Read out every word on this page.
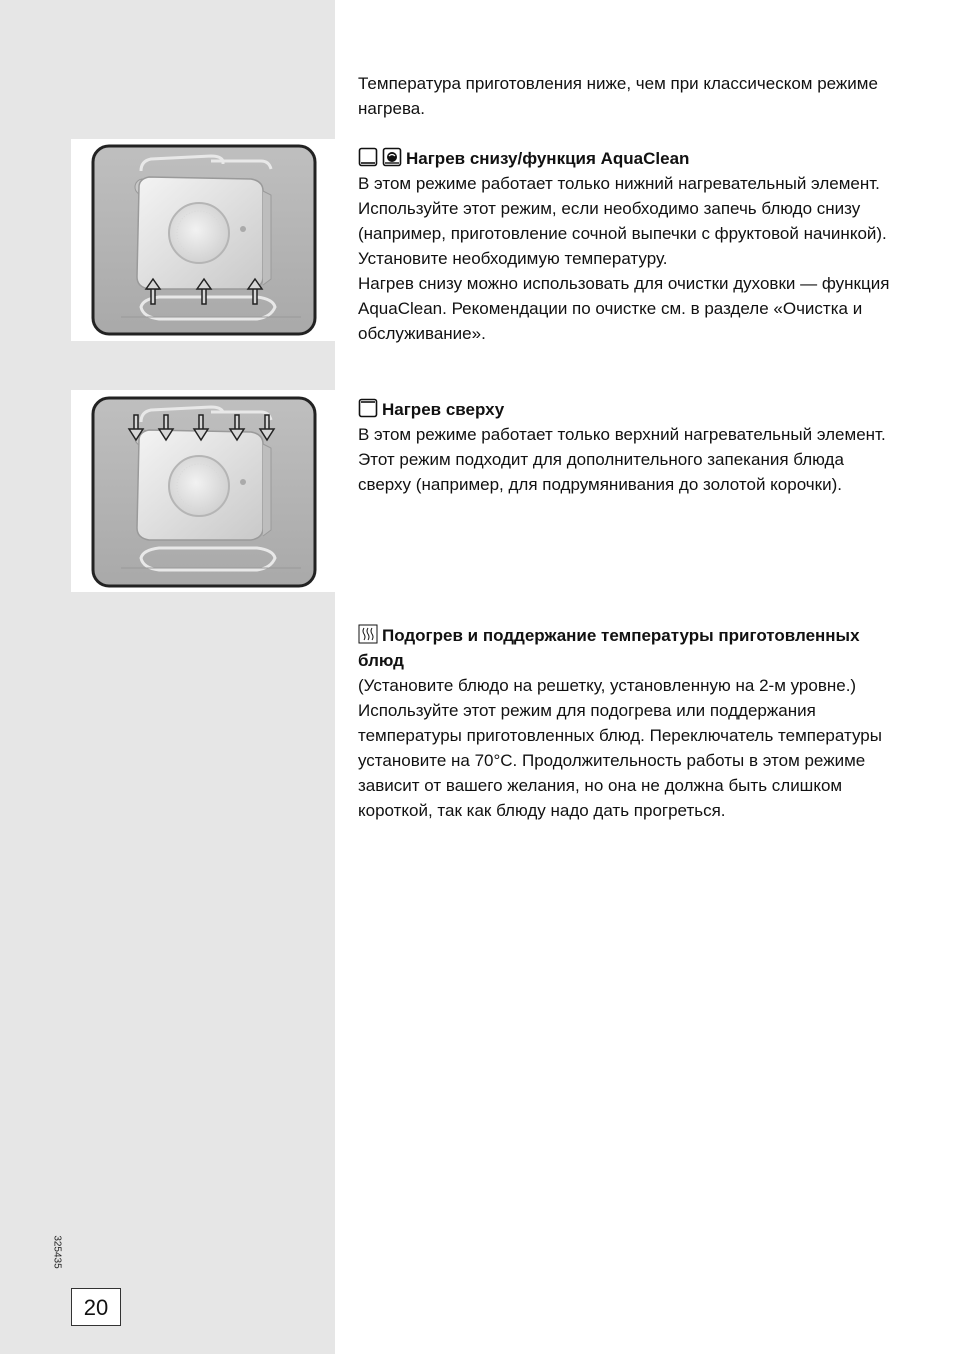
Температура приготовления ниже, чем при классическом режиме нагрева.

Нагрев снизу/функция AquaClean

В этом режиме работает только нижний нагревательный элемент.

Используйте этот режим, если необходимо запечь блюдо снизу (например, приготовление сочной выпечки с фруктовой начинкой). Установите необходимую температуру.

Нагрев снизу можно использовать для очистки духовки — функция AquaClean. Рекомендации по очистке см. в разделе «Очистка и обслуживание».

Нагрев сверху

В этом режиме работает только верхний нагревательный элемент.

Этот режим подходит для дополнительного запекания блюда сверху (например, для подрумянивания до золотой корочки).

Подогрев и поддержание температуры приготовленных блюд

(Установите блюдо на решетку, установленную на 2-м уровне.)

Используйте этот режим для подогрева или поддержания температуры приготовленных блюд. Переключатель температуры установите на 70°C. Продолжительность работы в этом режиме зависит от вашего желания, но она не должна быть слишком короткой, так как блюду надо дать прогреться.

325435
20
